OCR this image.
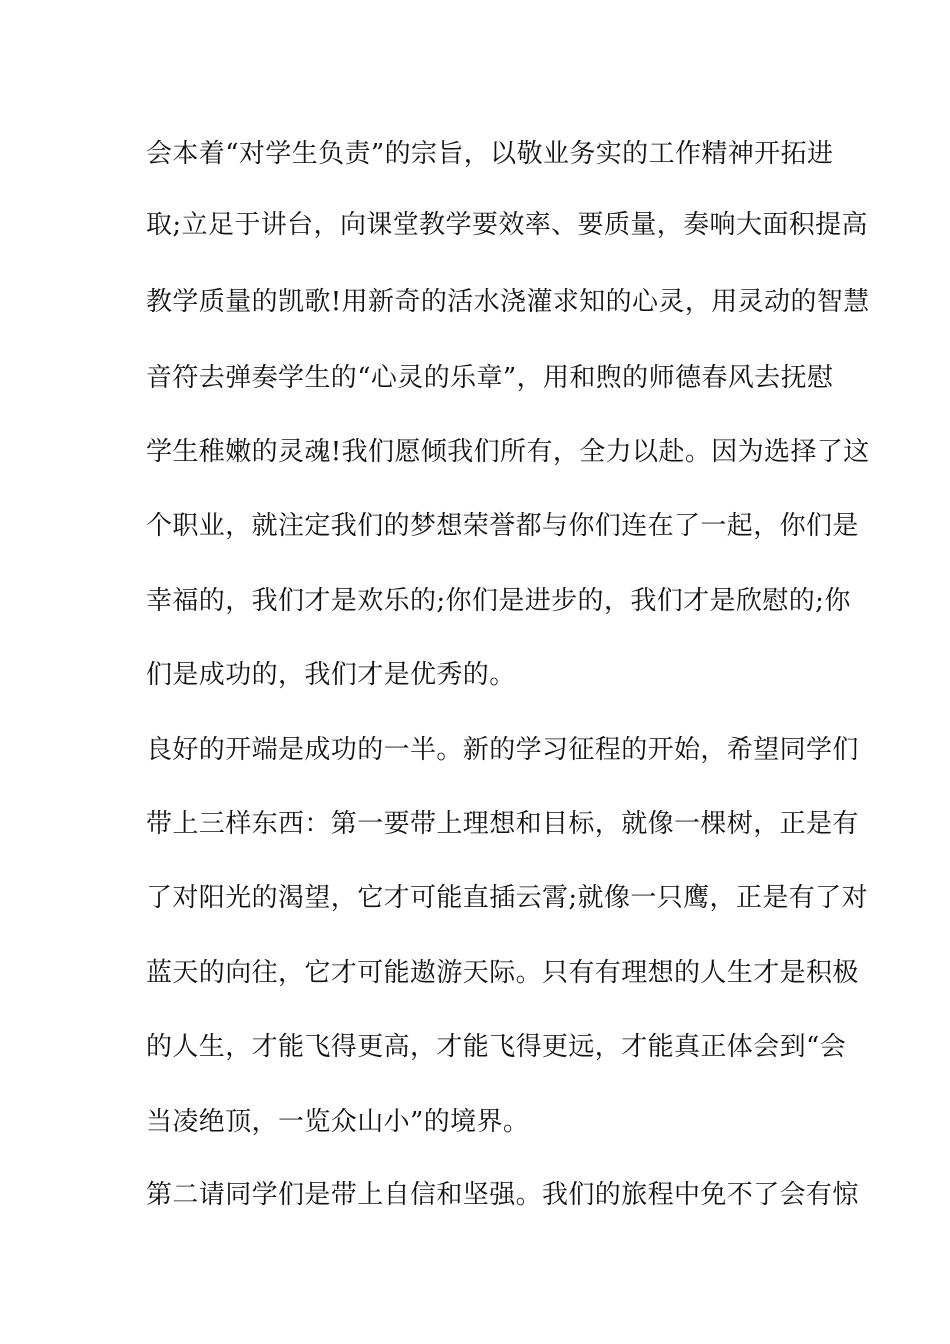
会本着“对学生负责”的宗旨，以敬业务实的工作精神开拓进
取;立足于讲台，向课堂教学要效率、要质量，奏响大面积提高
教学质量的凯歌!用新奇的活水浇灌求知的心灵，用灵动的智慧
音符去弹奏学生的“心灵的乐章”，用和煦的师德春风去抚慰
学生稚嫩的灵魂!我们愿倾我们所有，全力以赴。因为选择了这
个职业，就注定我们的梦想荣誉都与你们连在了一起，你们是
幸福的，我们才是欢乐的;你们是进步的，我们才是欣慰的;你
们是成功的，我们才是优秀的。
良好的开端是成功的一半。新的学习征程的开始，希望同学们
带上三样东西：第一要带上理想和目标，就像一棵树，正是有
了对阳光的渴望，它才可能直插云霄;就像一只鹰，正是有了对
蓝天的向往，它才可能遨游天际。只有有理想的人生才是积极
的人生，才能飞得更高，才能飞得更远，才能真正体会到“会
当凌绝顶，一览众山小”的境界。
第二请同学们是带上自信和坚强。我们的旅程中免不了会有惊
